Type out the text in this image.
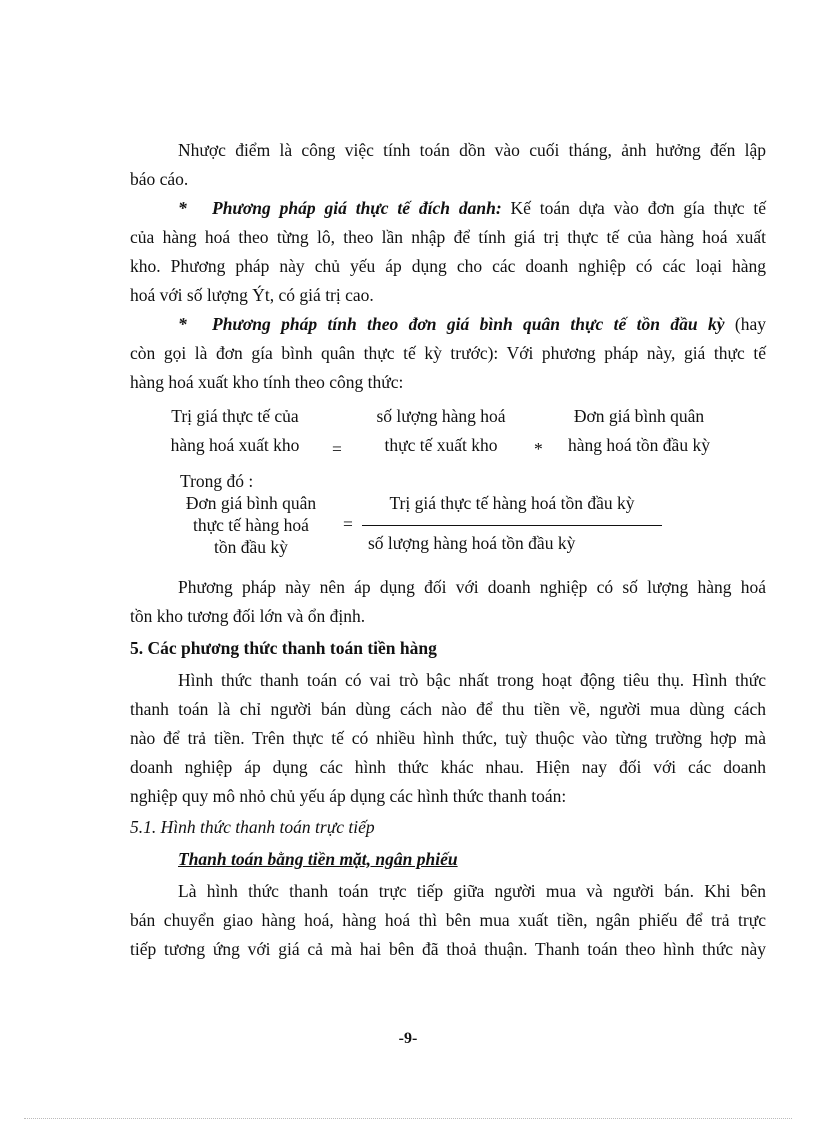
Nhược điểm là công việc tính toán dồn vào cuối tháng, ảnh hưởng đến lập
báo cáo.
* Phương pháp giá thực tế đích danh: Kế toán dựa vào đơn gía thực tế
của hàng hoá theo từng lô, theo lần nhập để tính giá trị thực tế của hàng hoá xuất
kho. Phương pháp này chủ yếu áp dụng cho các doanh nghiệp có các loại hàng
hoá với số lượng Ýt, có giá trị cao.
* Phương pháp tính theo đơn giá bình quân thực tế tồn đầu kỳ (hay
còn gọi là đơn gía bình quân thực tế kỳ trước): Với phương pháp này, giá thực tế
hàng hoá xuất kho tính theo công thức:
Trị giá thực tế của
hàng hoá xuất kho	=
số lượng hàng hoá
thực tế xuất kho	*
Đơn giá bình quân
hàng hoá tồn đầu kỳ
Trong đó :
Đơn giá bình quân
thực tế hàng hoá
tồn đầu kỳ
=
Trị giá thực tế hàng hoá tồn đầu kỳ
số lượng hàng hoá tồn đầu kỳ
Phương pháp này nên áp dụng đối với doanh nghiệp có số lượng hàng hoá
tồn kho tương đối lớn và ổn định.
5. Các phương thức thanh toán tiền hàng
Hình thức thanh toán có vai trò bậc nhất trong hoạt động tiêu thụ. Hình thức
thanh toán là chỉ người bán dùng cách nào để thu tiền về, người mua dùng cách
nào để trả tiền. Trên thực tế có nhiều hình thức, tuỳ thuộc vào từng trường hợp mà
doanh nghiệp áp dụng các hình thức khác nhau. Hiện nay đối với các doanh
nghiệp quy mô nhỏ chủ yếu áp dụng các hình thức thanh toán:
5.1. Hình thức thanh toán trực tiếp
Thanh toán bằng tiền mặt, ngân phiếu
Là hình thức thanh toán trực tiếp giữa người mua và người bán. Khi bên
bán chuyển giao hàng hoá, hàng hoá thì bên mua xuất tiền, ngân phiếu để trả trực
tiếp tương ứng với giá cả mà hai bên đã thoả thuận. Thanh toán theo hình thức này
-9-
